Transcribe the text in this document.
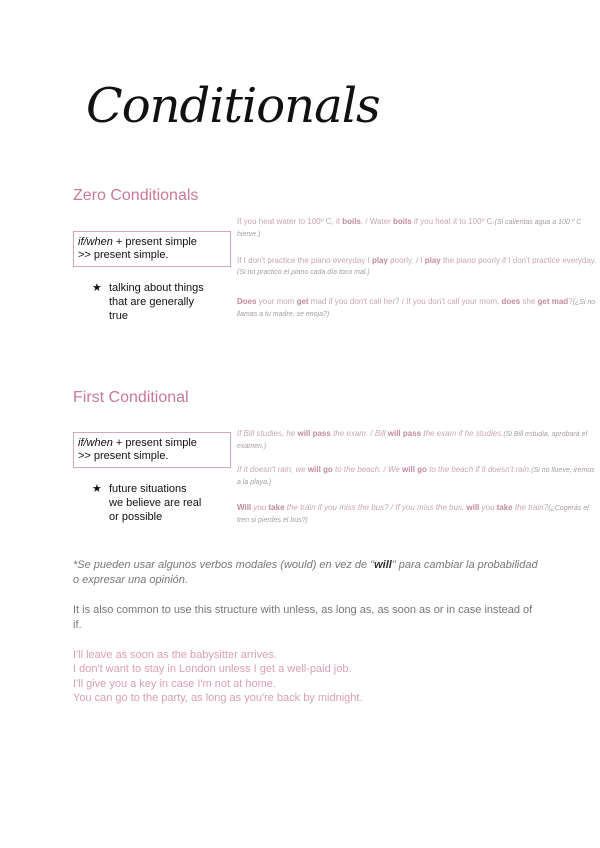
Conditionals
Zero Conditionals
if/when + present simple
>> present simple.
★ talking about things
that are generally
true
If you heat water to 100º C, it boils. / Water boils if you heat it to 100º C.(Si calientas agua a 100 º C hierve.)
If I don't practice the piano everyday I play poorly. / I play the piano poorly if I don't practice everyday.(Si no practico el piano cada día toco mal.)
Does your mom get mad if you don't call her? / If you don't call your mom, does she get mad?(¿Si no llamas a tu madre, se enoja?)
First Conditional
if/when + present simple
>> present simple.
★ future situations
we believe are real
or possible
If Bill studies, he will pass the exam. / Bill will pass the exam if he studies.(Si Bill estudia, aprobará el examen.)
If it doesn't rain, we will go to the beach. / We will go to the beach if it doesn't rain.(Si no llueve, iremos a la playa.)
Will you take the train if you miss the bus? / If you miss the bus, will you take the train?(¿Cogerás el tren si pierdes el bus?)
*Se pueden usar algunos verbos modales (would) en vez de "will" para cambiar la probabilidad o expresar una opinión.
It is also common to use this structure with unless, as long as, as soon as or in case instead of if.
I'll leave as soon as the babysitter arrives.
I don't want to stay in London unless I get a well-paid job.
I'll give you a key in case I'm not at home.
You can go to the party, as long as you're back by midnight.
